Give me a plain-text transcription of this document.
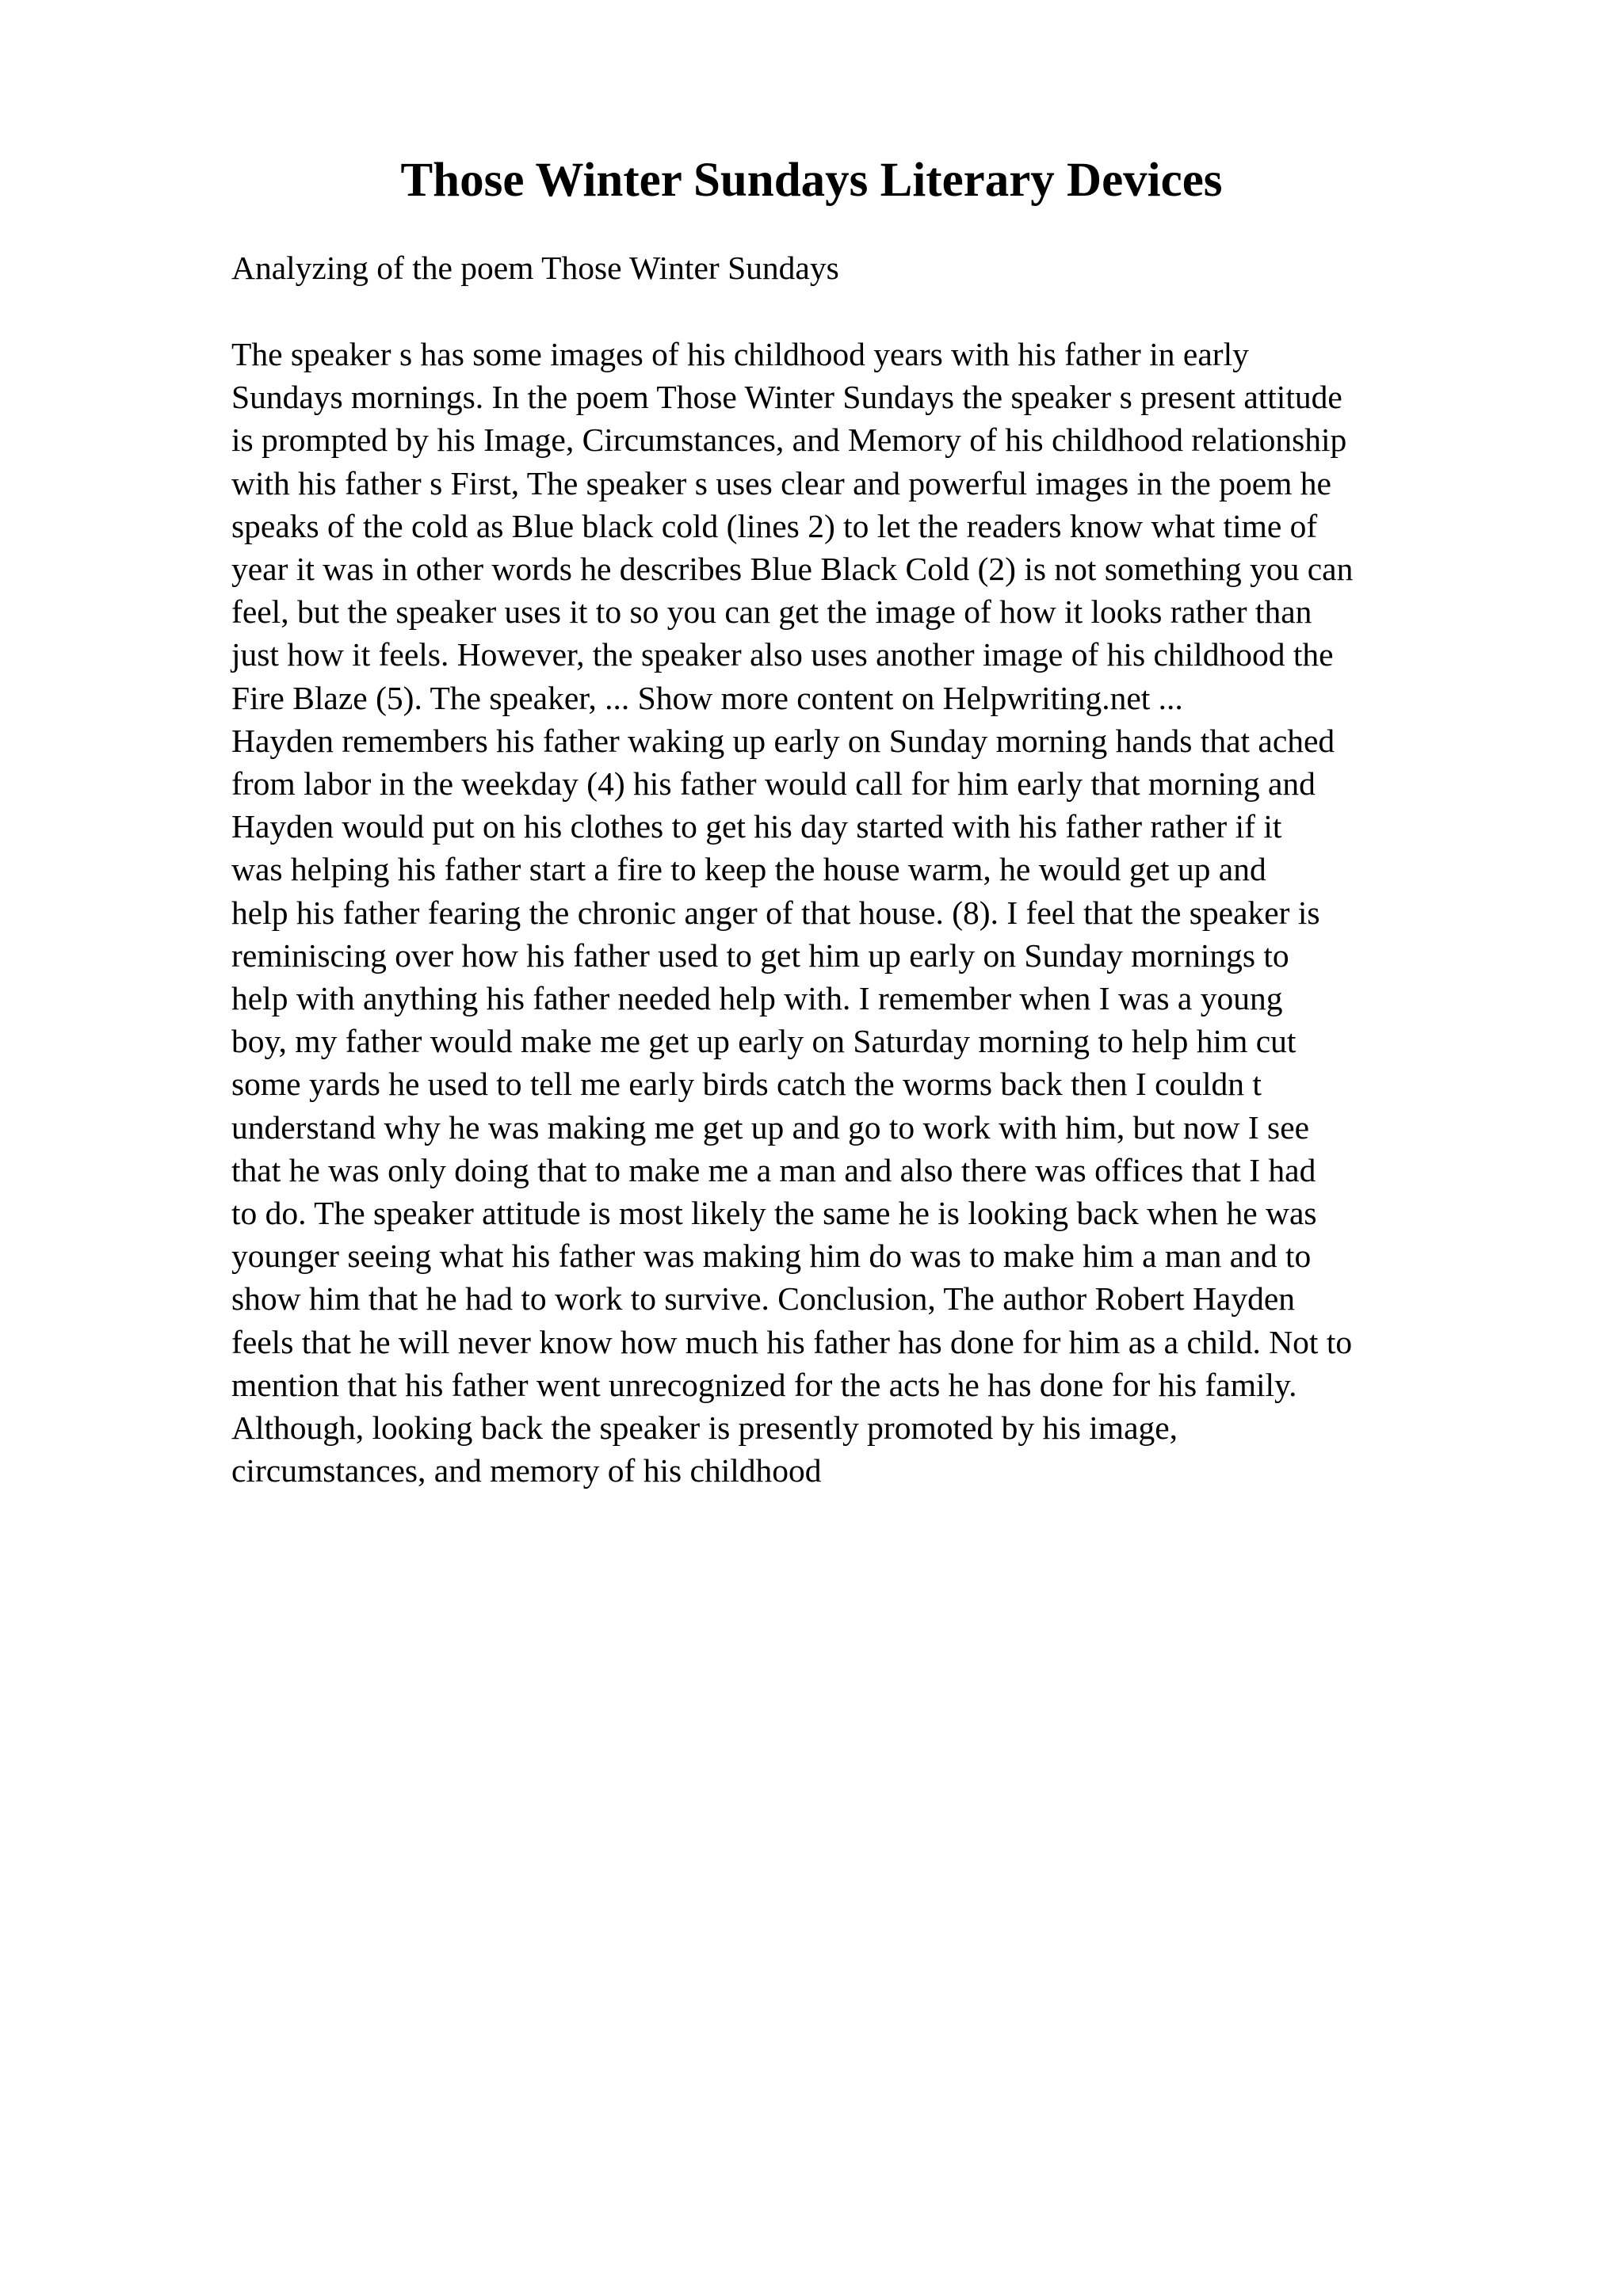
Those Winter Sundays Literary Devices

Analyzing of the poem Those Winter Sundays

The speaker s has some images of his childhood years with his father in early
Sundays mornings. In the poem Those Winter Sundays the speaker s present attitude
is prompted by his Image, Circumstances, and Memory of his childhood relationship
with his father s First, The speaker s uses clear and powerful images in the poem he
speaks of the cold as Blue black cold (lines 2) to let the readers know what time of
year it was in other words he describes Blue Black Cold (2) is not something you can
feel, but the speaker uses it to so you can get the image of how it looks rather than
just how it feels. However, the speaker also uses another image of his childhood the
Fire Blaze (5). The speaker, ... Show more content on Helpwriting.net ...
Hayden remembers his father waking up early on Sunday morning hands that ached
from labor in the weekday (4) his father would call for him early that morning and
Hayden would put on his clothes to get his day started with his father rather if it
was helping his father start a fire to keep the house warm, he would get up and
help his father fearing the chronic anger of that house. (8). I feel that the speaker is
reminiscing over how his father used to get him up early on Sunday mornings to
help with anything his father needed help with. I remember when I was a young
boy, my father would make me get up early on Saturday morning to help him cut
some yards he used to tell me early birds catch the worms back then I couldn t
understand why he was making me get up and go to work with him, but now I see
that he was only doing that to make me a man and also there was offices that I had
to do. The speaker attitude is most likely the same he is looking back when he was
younger seeing what his father was making him do was to make him a man and to
show him that he had to work to survive. Conclusion, The author Robert Hayden
feels that he will never know how much his father has done for him as a child. Not to
mention that his father went unrecognized for the acts he has done for his family.
Although, looking back the speaker is presently promoted by his image,
circumstances, and memory of his childhood
